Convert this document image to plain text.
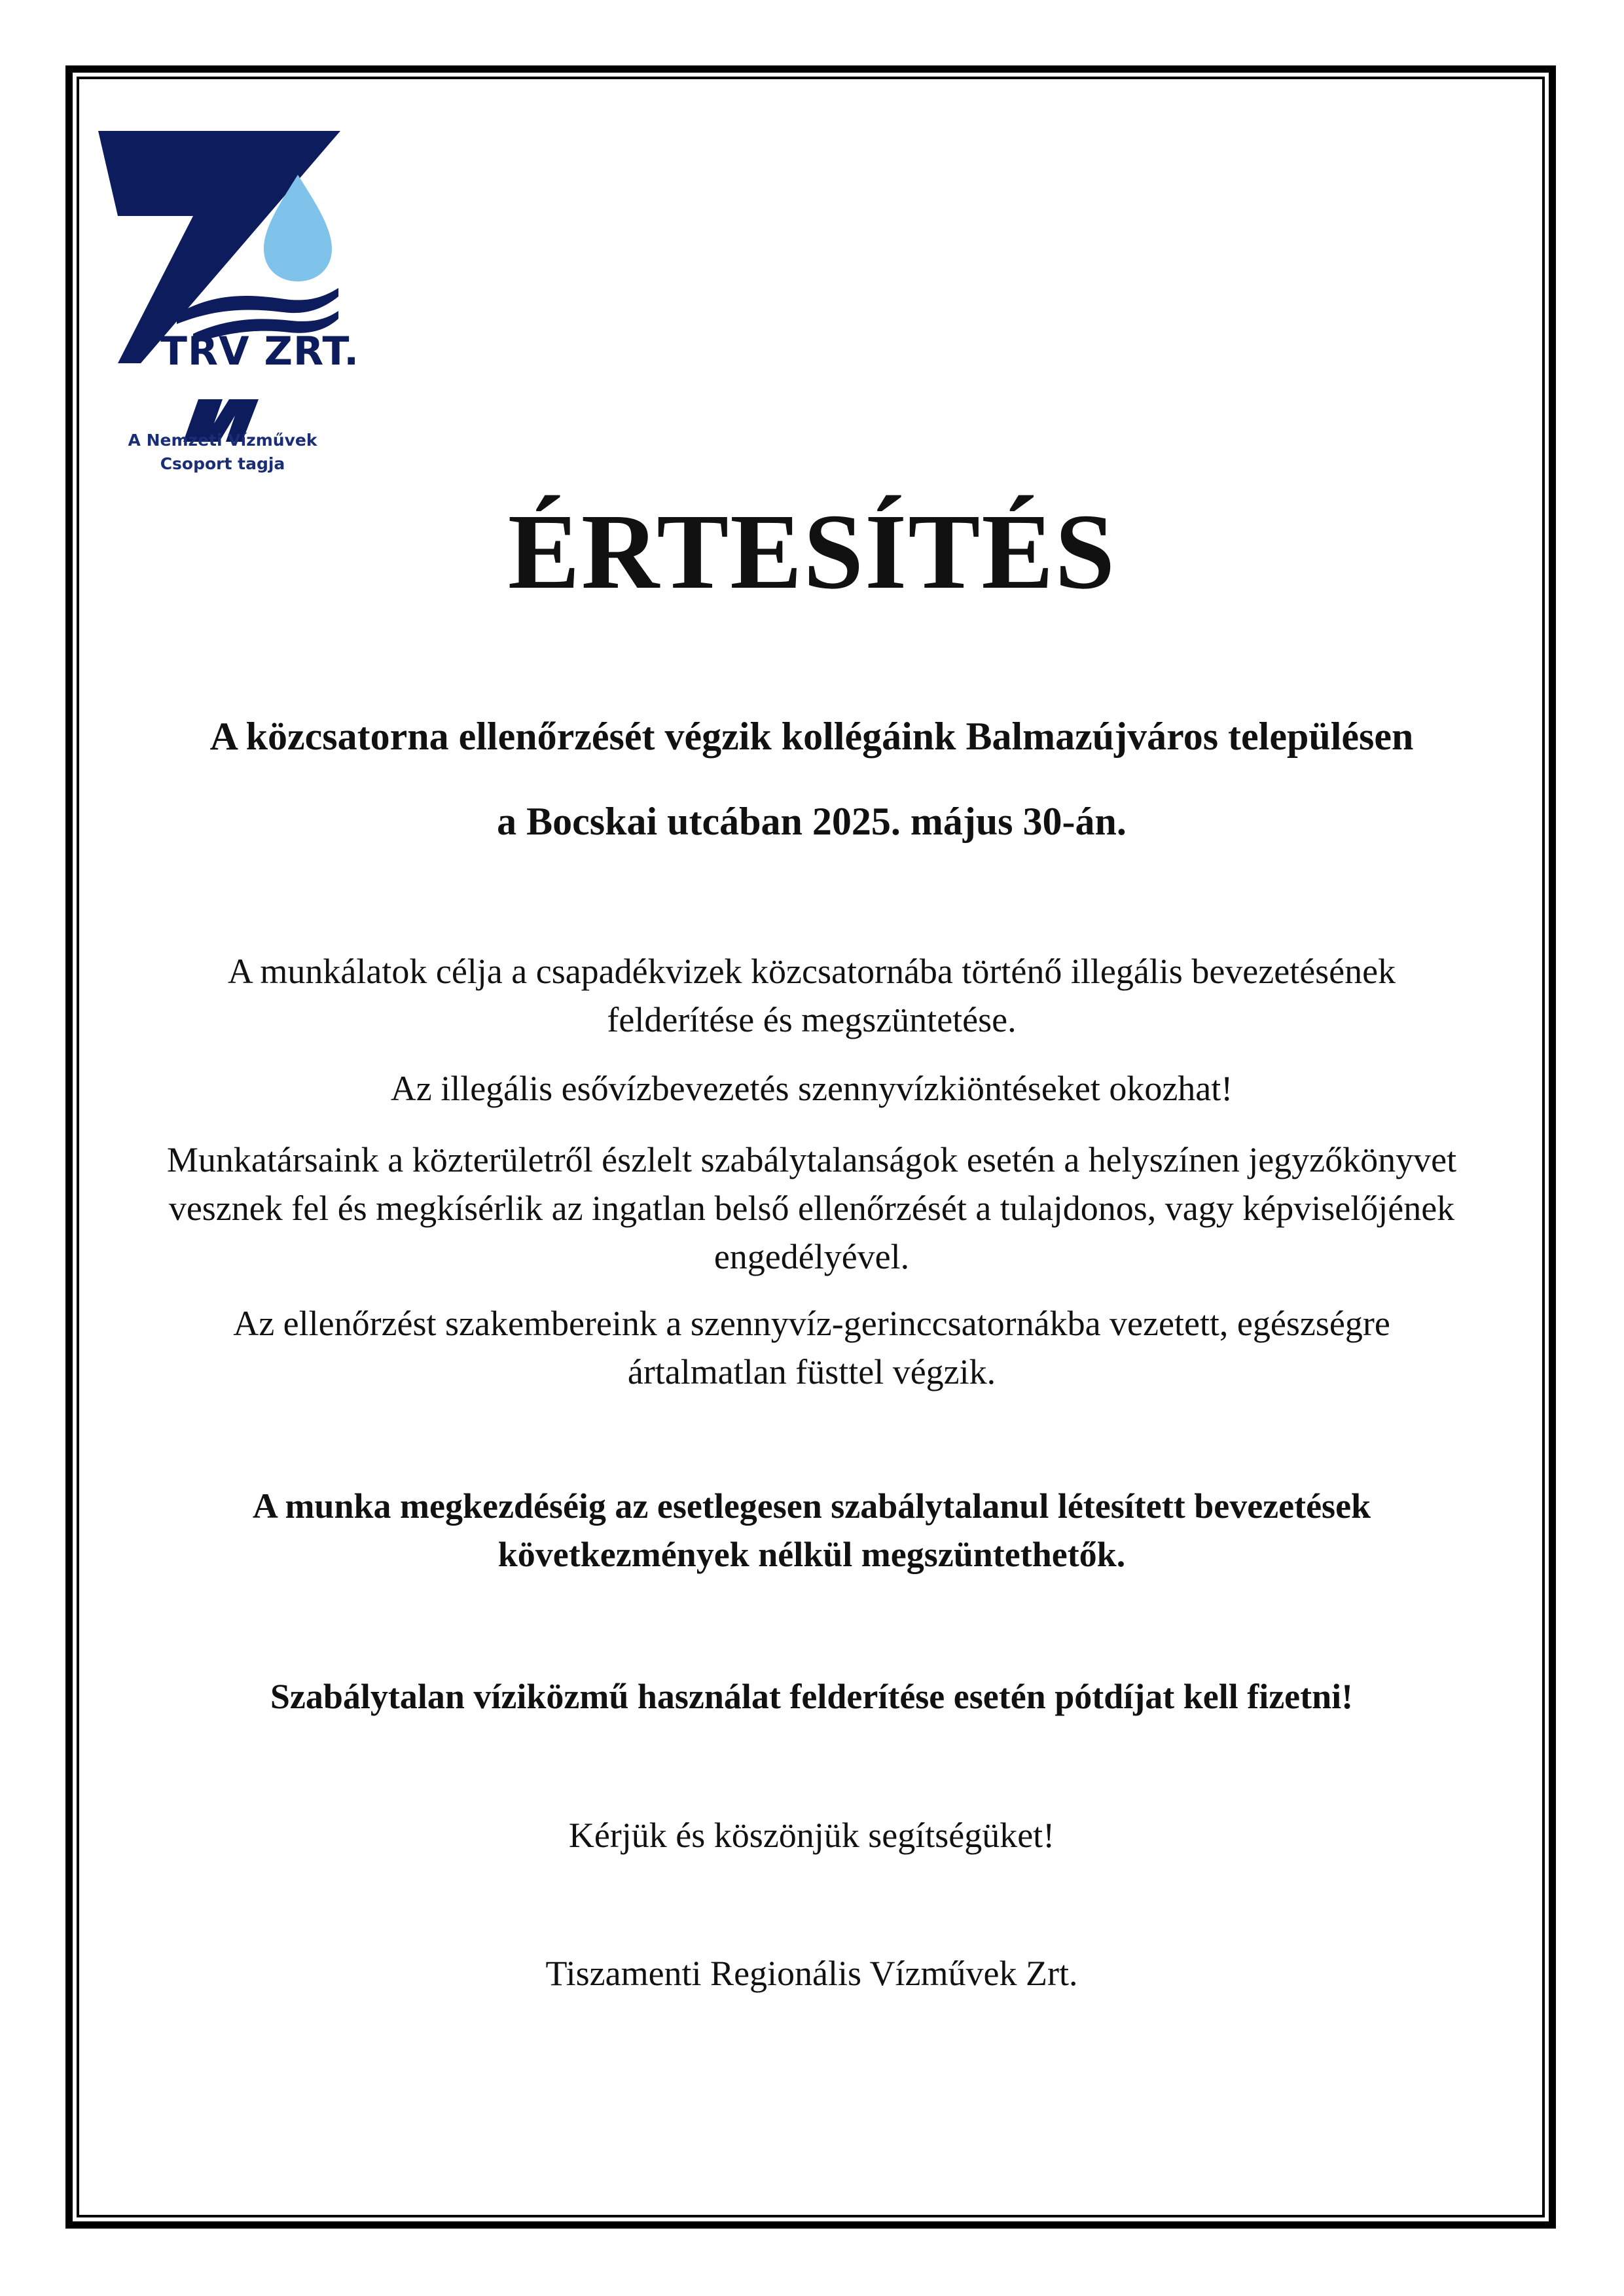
TRV ZRT.
A Nemzeti Vízművek
Csoport tagja
ÉRTESÍTÉS
A közcsatorna ellenőrzését végzik kollégáink Balmazújváros településen
a Bocskai utcában 2025. május 30-án.
A munkálatok célja a csapadékvizek közcsatornába történő illegális bevezetésének
felderítése és megszüntetése.
Az illegális esővízbevezetés szennyvízkiöntéseket okozhat!
Munkatársaink a közterületről észlelt szabálytalanságok esetén a helyszínen jegyzőkönyvet
vesznek fel és megkísérlik az ingatlan belső ellenőrzését a tulajdonos, vagy képviselőjének
engedélyével.
Az ellenőrzést szakembereink a szennyvíz-gerinccsatornákba vezetett, egészségre
ártalmatlan füsttel végzik.
A munka megkezdéséig az esetlegesen szabálytalanul létesített bevezetések
következmények nélkül megszüntethetők.
Szabálytalan víziközmű használat felderítése esetén pótdíjat kell fizetni!
Kérjük és köszönjük segítségüket!
Tiszamenti Regionális Vízművek Zrt.
